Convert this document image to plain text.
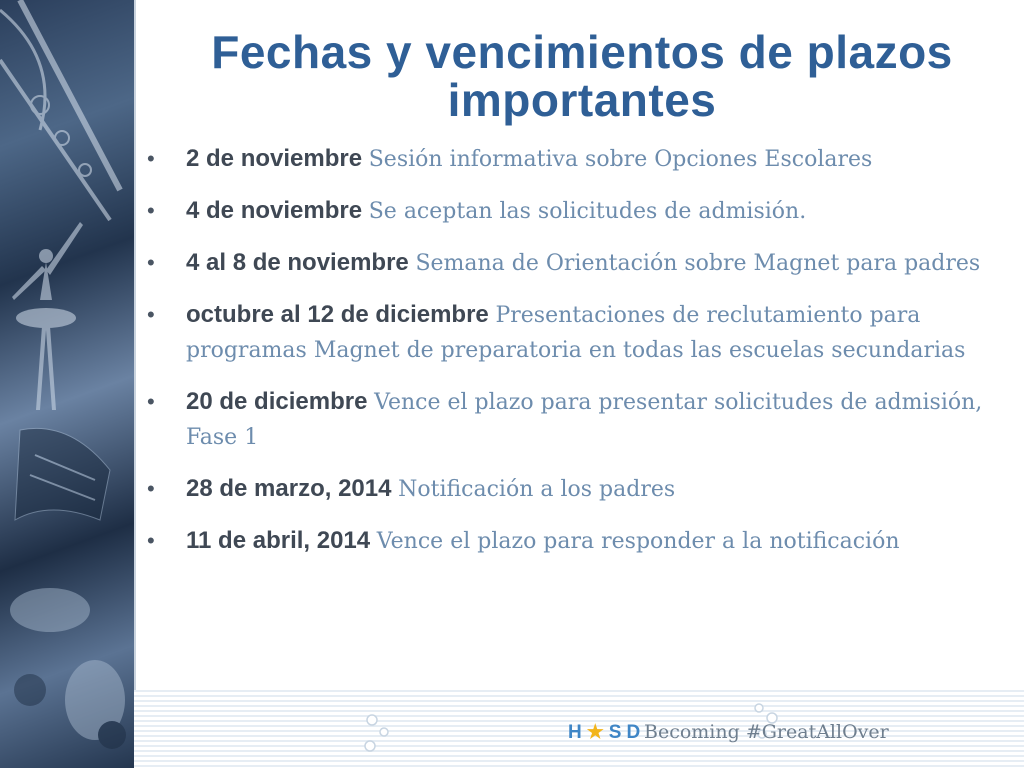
Fechas y vencimientos de plazos
importantes
• 2 de noviembre Sesión informativa sobre Opciones Escolares
• 4 de noviembre Se aceptan las solicitudes de admisión.
• 4 al 8 de noviembre Semana de Orientación sobre Magnet para padres
• octubre al 12 de diciembre Presentaciones de reclutamiento para programas Magnet de preparatoria en todas las escuelas secundarias
• 20 de diciembre Vence el plazo para presentar solicitudes de admisión, Fase 1
• 28 de marzo, 2014 Notificación a los padres
• 11 de abril, 2014 Vence el plazo para responder a la notificación
H★SD
Becoming #GreatAllOver
